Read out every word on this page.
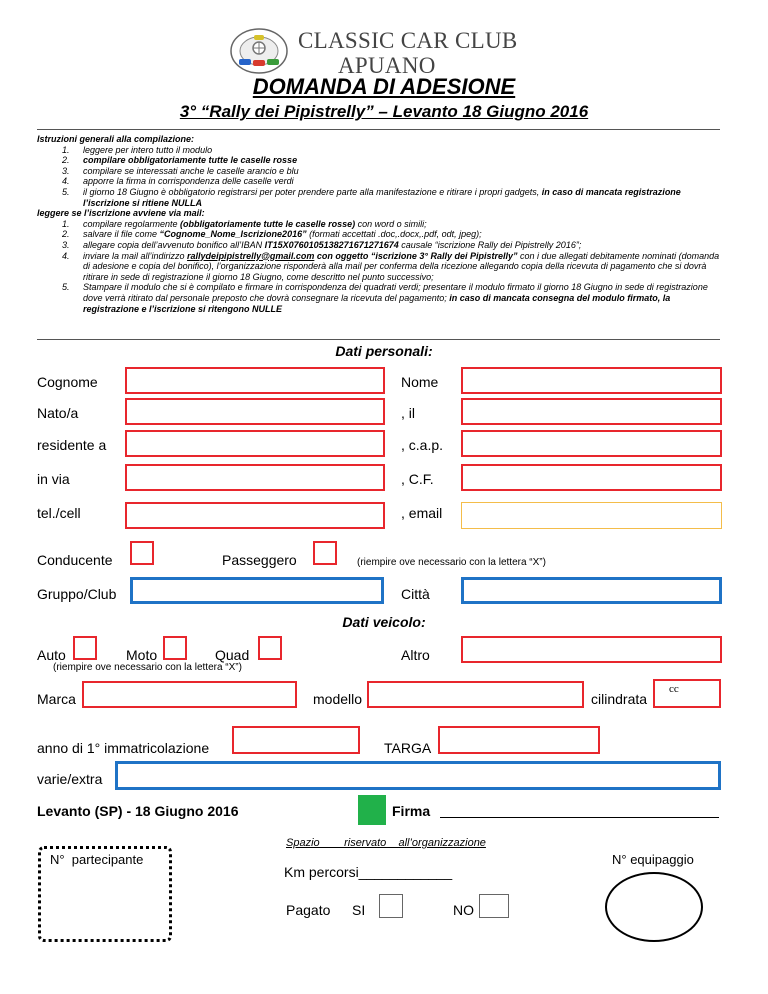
CLASSIC CAR CLUB
APUANO
DOMANDA DI ADESIONE
3° “Rally dei Pipistrelly” – Levanto 18 Giugno 2016

Istruzioni generali alla compilazione:

1. leggere per intero tutto il modulo
2. compilare obbligatoriamente tutte le caselle rosse
3. compilare se interessati anche le caselle arancio e blu
4. apporre la firma in corrispondenza delle caselle verdi
5. il giorno 18 Giugno è obbligatorio registrarsi per poter prendere parte alla manifestazione e ritirare i propri gadgets, in caso di mancata registrazione l’iscrizione si ritiene NULLA

leggere se l’iscrizione avviene via mail:

1. compilare regolarmente (obbligatoriamente tutte le caselle rosse) con word o simili;
2. salvare il file come “Cognome_Nome_Iscrizione2016” (formati accettati .doc,.docx,.pdf, odt, jpeg);
3. allegare copia dell’avvenuto bonifico all’IBAN IT15X0760105138271671271674 causale “iscrizione Rally dei Pipistrelly 2016”;
4. inviare la mail all’indirizzo rallydeipipistrelly@gmail.com con oggetto “iscrizione 3° Rally dei Pipistrelly” con i due allegati debitamente nominati (domanda di adesione e copia del bonifico), l’organizzazione risponderà alla mail per conferma della ricezione allegando copia della ricevuta di pagamento che si dovrà ritirare in sede di registrazione il giorno 18 Giugno, come descritto nel punto successivo;
5. Stampare il modulo che si è compilato e firmare in corrispondenza dei quadrati verdi; presentare il modulo firmato il giorno 18 Giugno in sede di registrazione dove verrà ritirato dal personale preposto che dovrà consegnare la ricevuta del pagamento; in caso di mancata consegna del modulo firmato, la registrazione e l’iscrizione si ritengono NULLE
Dati personali:
Cognome	Nome
Nato/a	, il
residente a	, c.a.p.
in via	, C.F.
tel./cell	, email
Conducente	Passeggero	(riempire ove necessario con la lettera “X”)
Gruppo/Club	Città
Dati veicolo:
Auto	Moto	Quad
(riempire ove necessario con la lettera “X”)
Altro
Marca	modello	cilindrata
cc
anno di 1° immatricolazione	TARGA
varie/extra
Levanto (SP) - 18 Giugno 2016	Firma
Spazio        riservato    all’organizzazione
N°  partecipante
Km percorsi____________
Pagato SI	NO
N° equipaggio
